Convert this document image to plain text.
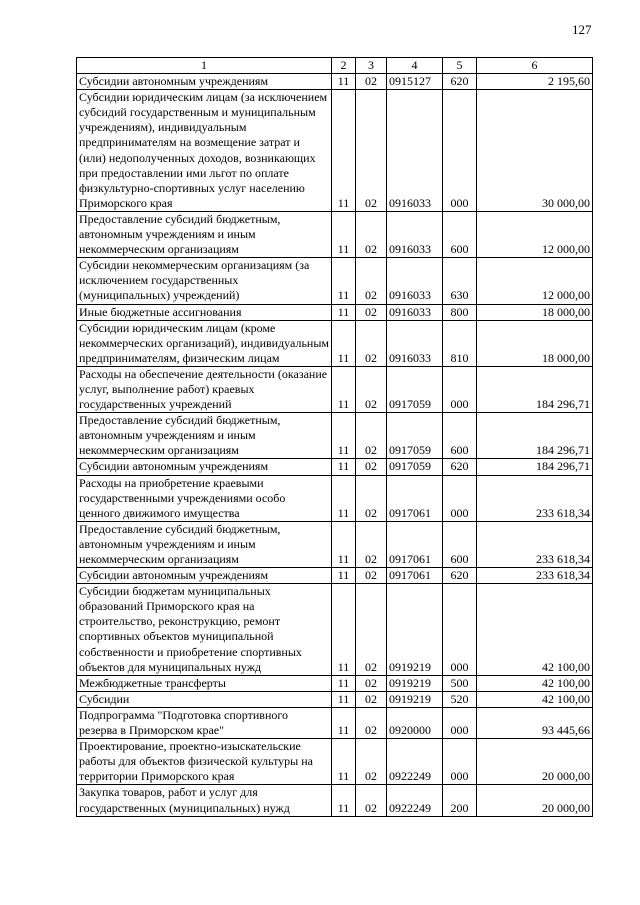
127
1	2	3	4	5	6
Субсидии автономным учреждениям	11	02	0915127	620	2 195,60
Субсидии юридическим лицам (за исключением субсидий государственным и муниципальным учреждениям), индивидуальным предпринимателям на возмещение затрат и (или) недополученных доходов, возникающих при предоставлении ими льгот по оплате физкультурно-спортивных услуг населению Приморского края	11	02	0916033	000	30 000,00
Предоставление субсидий бюджетным, автономным учреждениям и иным некоммерческим организациям	11	02	0916033	600	12 000,00
Субсидии некоммерческим организациям (за исключением государственных (муниципальных) учреждений)	11	02	0916033	630	12 000,00
Иные бюджетные ассигнования	11	02	0916033	800	18 000,00
Субсидии юридическим лицам (кроме некоммерческих организаций), индивидуальным предпринимателям, физическим лицам	11	02	0916033	810	18 000,00
Расходы на обеспечение деятельности (оказание услуг, выполнение работ) краевых государственных учреждений	11	02	0917059	000	184 296,71
Предоставление субсидий бюджетным, автономным учреждениям и иным некоммерческим организациям	11	02	0917059	600	184 296,71
Субсидии автономным учреждениям	11	02	0917059	620	184 296,71
Расходы на приобретение краевыми государственными учреждениями особо ценного движимого имущества	11	02	0917061	000	233 618,34
Предоставление субсидий бюджетным, автономным учреждениям и иным некоммерческим организациям	11	02	0917061	600	233 618,34
Субсидии автономным учреждениям	11	02	0917061	620	233 618,34
Субсидии бюджетам муниципальных образований Приморского края на строительство, реконструкцию, ремонт спортивных объектов муниципальной собственности и приобретение спортивных объектов для муниципальных нужд	11	02	0919219	000	42 100,00
Межбюджетные трансферты	11	02	0919219	500	42 100,00
Субсидии	11	02	0919219	520	42 100,00
Подпрограмма "Подготовка спортивного резерва в Приморском крае"	11	02	0920000	000	93 445,66
Проектирование, проектно-изыскательские работы для объектов физической культуры на территории Приморского края	11	02	0922249	000	20 000,00
Закупка товаров, работ и услуг для государственных (муниципальных) нужд	11	02	0922249	200	20 000,00
